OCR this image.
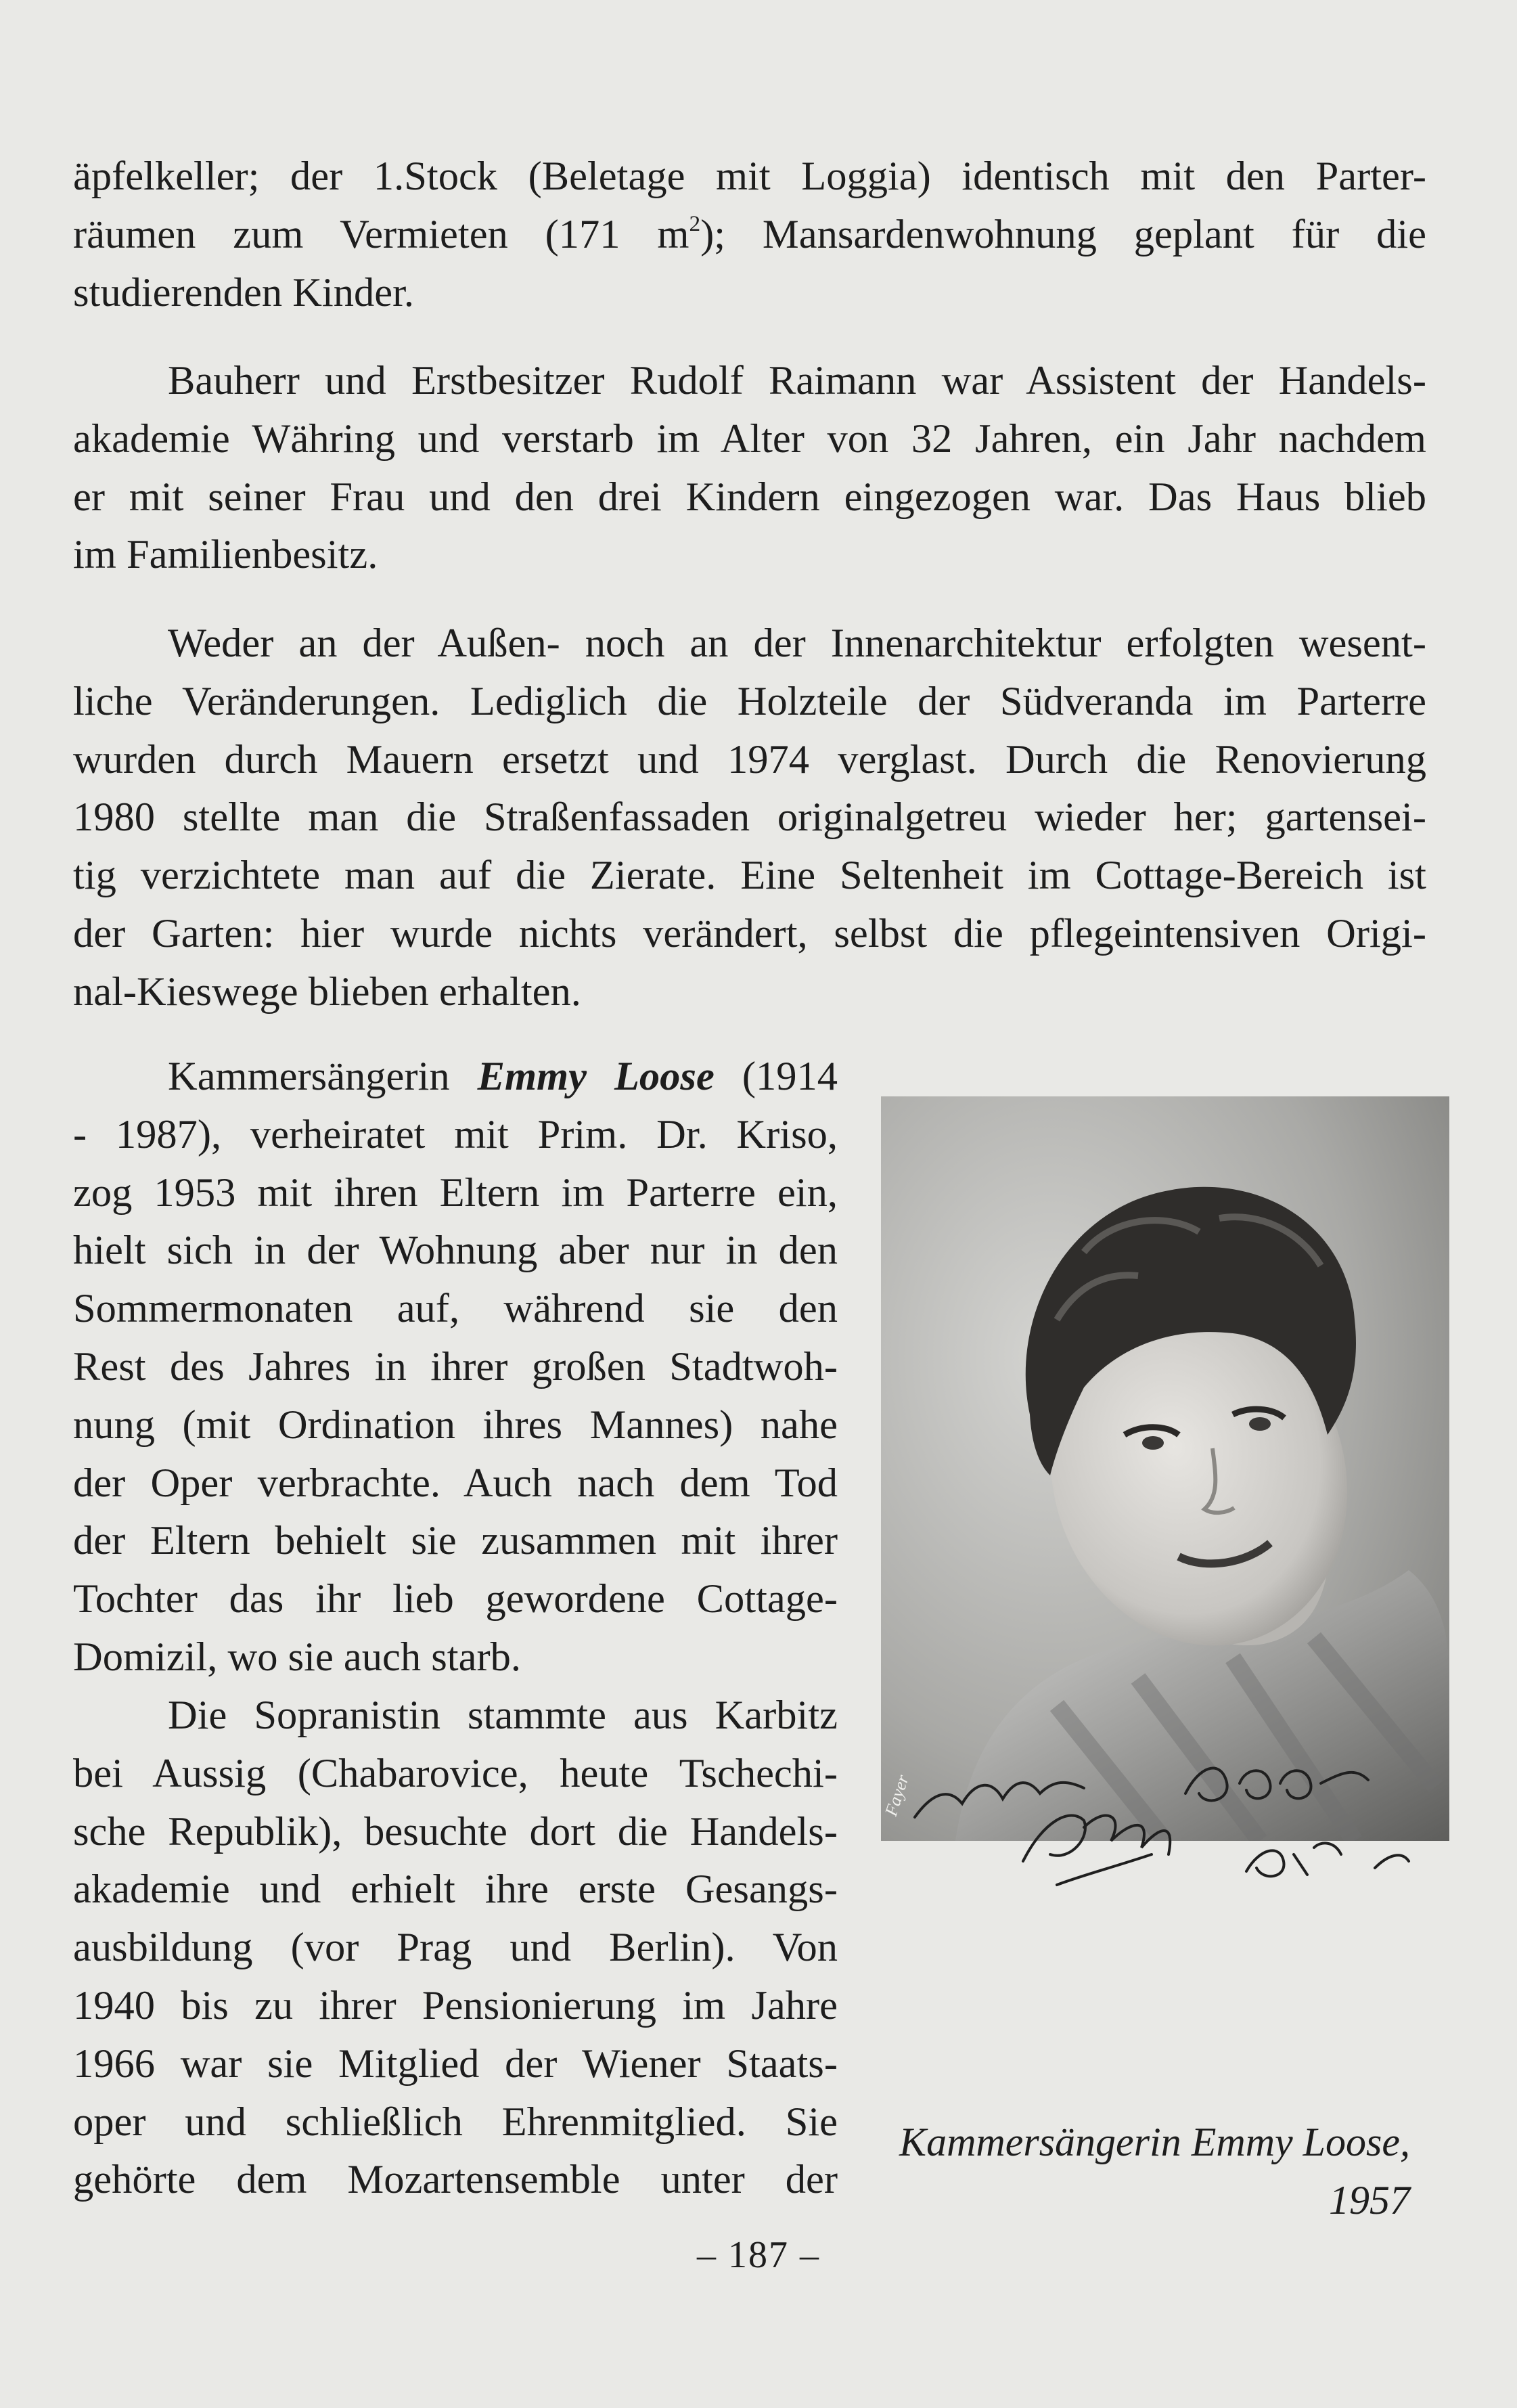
äpfelkeller; der 1.Stock (Beletage mit Loggia) identisch mit den Parter-
räumen zum Vermieten (171 $m^2$); Mansardenwohnung geplant für die
studierenden Kinder.
Bauherr und Erstbesitzer Rudolf Raimann war Assistent der Handels-
akademie Währing und verstarb im Alter von 32 Jahren, ein Jahr nachdem
er mit seiner Frau und den drei Kindern eingezogen war. Das Haus blieb
im Familienbesitz.
Weder an der Außen- noch an der Innenarchitektur erfolgten wesent-
liche Veränderungen. Lediglich die Holzteile der Südveranda im Parterre
wurden durch Mauern ersetzt und 1974 verglast. Durch die Renovierung
1980 stellte man die Straßenfassaden originalgetreu wieder her; gartensei-
tig verzichtete man auf die Zierate. Eine Seltenheit im Cottage-Bereich ist
der Garten: hier wurde nichts verändert, selbst die pflegeintensiven Origi-
nal-Kieswege blieben erhalten.
Kammersängerin Emmy Loose (1914
- 1987), verheiratet mit Prim. Dr. Kriso,
zog 1953 mit ihren Eltern im Parterre ein,
hielt sich in der Wohnung aber nur in den
Sommermonaten auf, während sie den
Rest des Jahres in ihrer großen Stadtwoh-
nung (mit Ordination ihres Mannes) nahe
der Oper verbrachte. Auch nach dem Tod
der Eltern behielt sie zusammen mit ihrer
Tochter das ihr lieb gewordene Cottage-
Domizil, wo sie auch starb.
Die Sopranistin stammte aus Karbitz
bei Aussig (Chabarovice, heute Tschechi-
sche Republik), besuchte dort die Handels-
akademie und erhielt ihre erste Gesangs-
ausbildung (vor Prag und Berlin). Von
1940 bis zu ihrer Pensionierung im Jahre
1966 war sie Mitglied der Wiener Staats-
oper und schließlich Ehrenmitglied. Sie
gehörte dem Mozartensemble unter der
Fayer
Kammersängerin Emmy Loose,
1957
– 187 –
